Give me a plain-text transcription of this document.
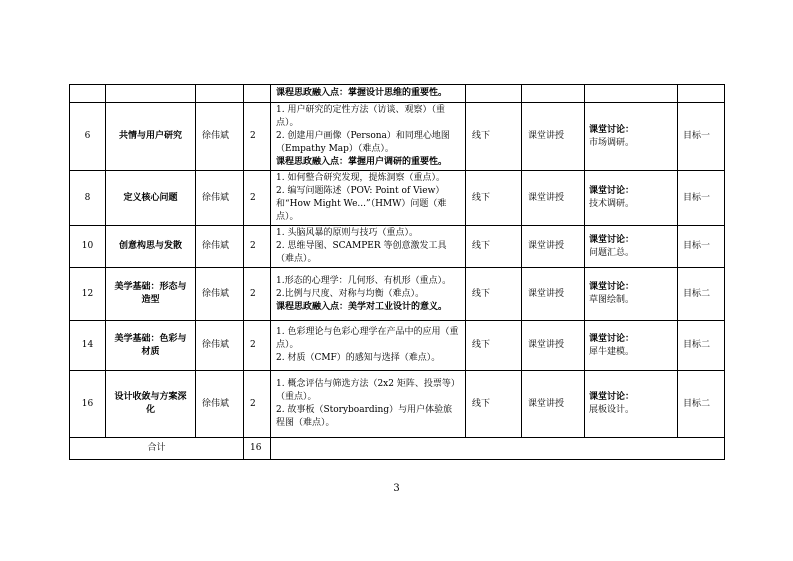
				课程思政融入点：掌握设计思维的重要性。				

6	共情与用户研究	徐伟斌	2	1. 用户研究的定性方法（访谈、观察）（重点）。
2. 创建用户画像（Persona）和同理心地图（Empathy Map）（难点）。
课程思政融入点：掌握用户调研的重要性。	线下	课堂讲授	课堂讨论：
市场调研。	目标一
8	定义核心问题	徐伟斌	2	1. 如何整合研究发现，提炼洞察（重点）。
2. 编写问题陈述（POV: Point of View）和“How Might We...”（HMW）问题（难点）。	线下	课堂讲授	课堂讨论：
技术调研。	目标一
10	创意构思与发散	徐伟斌	2	1. 头脑风暴的原则与技巧（重点）。
2. 思维导图、SCAMPER 等创意激发工具（难点）。	线下	课堂讲授	课堂讨论：
问题汇总。	目标一
12	美学基础：形态与造型	徐伟斌	2	1.形态的心理学：几何形、有机形（重点）。
2.比例与尺度、对称与均衡（难点）。
课程思政融入点：美学对工业设计的意义。	线下	课堂讲授	课堂讨论：
草图绘制。	目标二
14	美学基础：色彩与材质	徐伟斌	2	1. 色彩理论与色彩心理学在产品中的应用（重点）。
2. 材质（CMF）的感知与选择（难点）。	线下	课堂讲授	课堂讨论：
犀牛建模。	目标二
16	设计收敛与方案深化	徐伟斌	2	1. 概念评估与筛选方法（2x2 矩阵、投票等）（重点）。
2. 故事板（Storyboarding）与用户体验旅程图（难点）。	线下	课堂讲授	课堂讨论：
展板设计。	目标二
合计			16					
3
